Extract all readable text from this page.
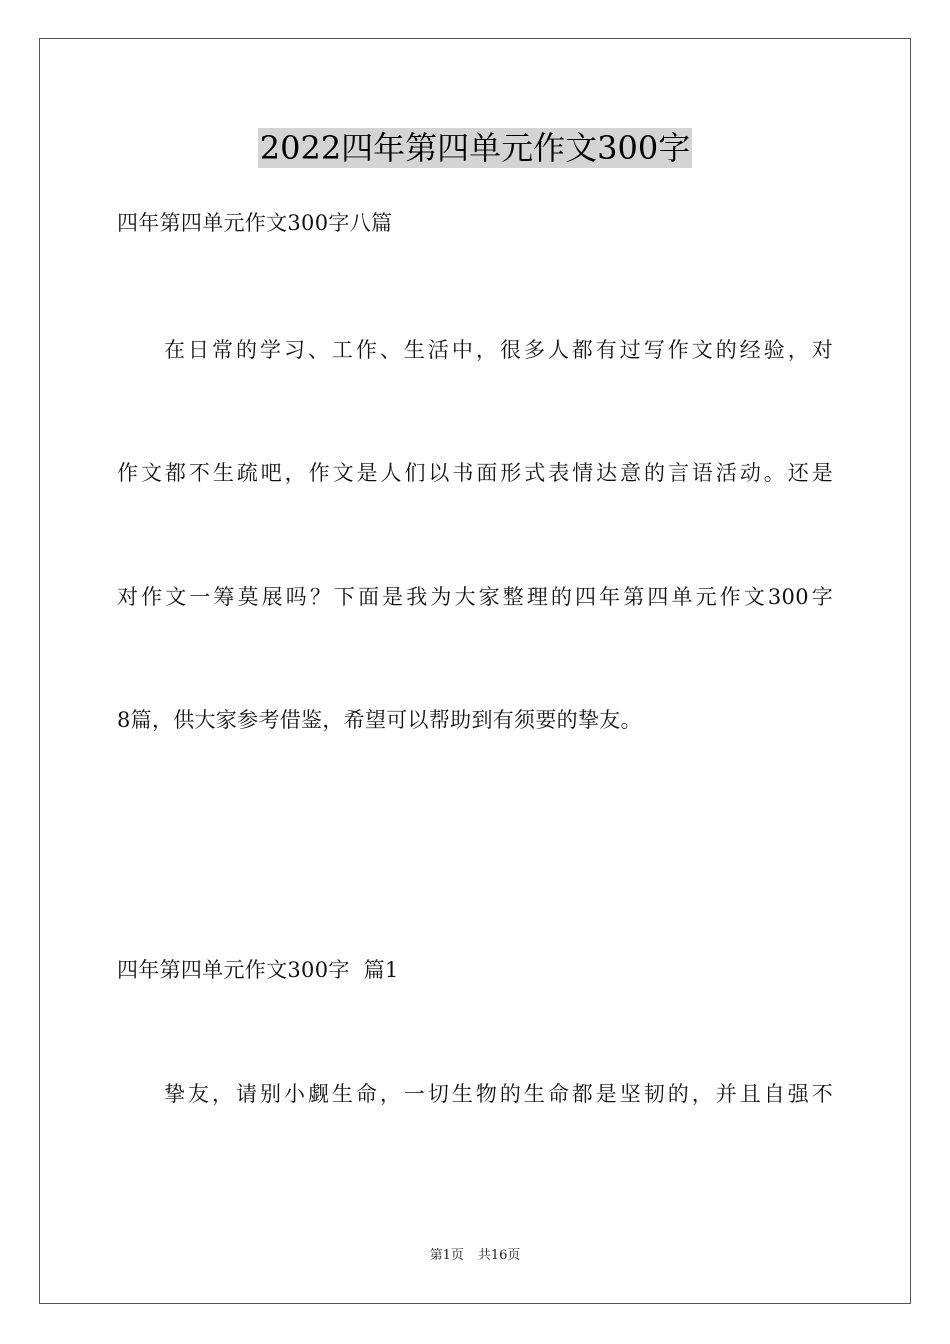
2022四年第四单元作文300字
四年第四单元作文300字八篇
在日常的学习、工作、生活中，很多人都有过写作文的经验，对
作文都不生疏吧，作文是人们以书面形式表情达意的言语活动。还是
对作文一筹莫展吗？下面是我为大家整理的四年第四单元作文300字
8篇，供大家参考借鉴，希望可以帮助到有须要的挚友。
四年第四单元作文300字  篇1
挚友，请别小觑生命，一切生物的生命都是坚韧的，并且自强不
第1页 共16页
